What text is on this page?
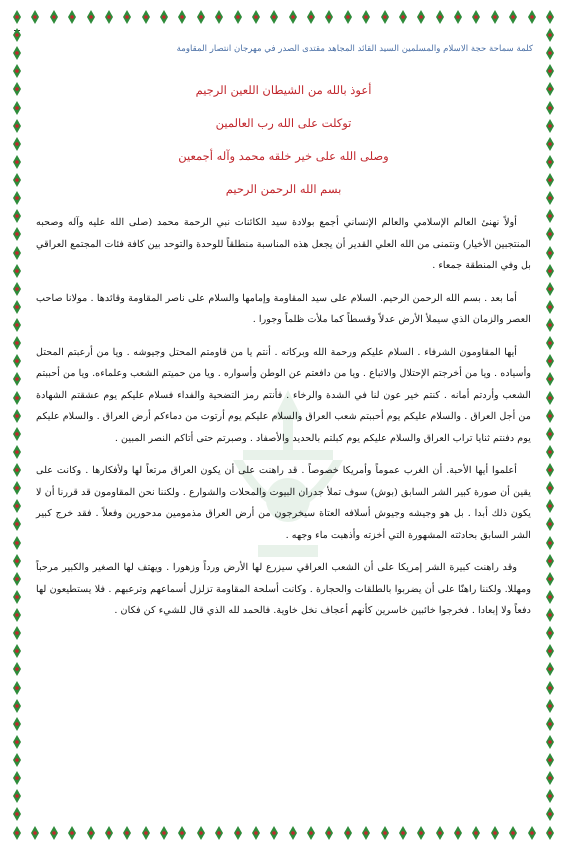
كلمة سماحة حجة الاسلام والمسلمين السيد القائد المجاهد مقتدى الصدر في مهرجان انتصار المقاومة
أعوذ بالله من الشيطان اللعين الرجيم
توكلت على الله رب العالمين
وصلى الله على خير خلقه محمد وآله أجمعين
بسم الله الرحمن الرحيم

أولاً نهنئ العالم الإسلامي والعالم الإنساني أجمع بولادة سيد الكائنات نبي الرحمة محمد (صلى الله عليه وآله وصحبه المنتجبين الأخيار) ونتمنى من الله العلي القدير أن يجعل هذه المناسبة منطلقاً للوحدة والتوحد بين كافة فئات المجتمع العراقي بل وفي المنطقة جمعاء .

أما بعد . بسم الله الرحمن الرحيم. السلام على سيد المقاومة وإمامها والسلام على ناصر المقاومة وقائدها . مولانا صاحب العصر والزمان الذي سيملأ الأرض عدلاً وقسطاً كما ملأت ظلماً وجورا .

أيها المقاومون الشرفاء . السلام عليكم ورحمة الله وبركاته . أنتم يا من قاومتم المحتل وجيوشه . ويا من أرعبتم المحتل وأسياده . ويا من أخرجتم الإحتلال والاتباع . ويا من دافعتم عن الوطن وأسواره . ويا من حميتم الشعب وعلماءه. ويا من أحببتم الشعب وأردتم أمانه . كنتم خير عون لنا في الشدة والرخاء . فأنتم رمز التضحية والفداء فسلام عليكم يوم عشقتم الشهادة من أجل العراق . والسلام عليكم يوم أحببتم شعب العراق والسلام عليكم يوم أرتوت من دماءكم أرض العراق . والسلام عليكم يوم دفنتم ثنايا تراب العراق والسلام عليكم يوم كبلتم بالحديد والأصفاد . وصبرتم حتى أتاكم النصر المبين .

أعلموا أيها الأحبة. أن الغرب عموماً وأمريكا خصوصاً . قد راهنت على أن يكون العراق مرتعاً لها ولأفكارها . وكانت على يقين أن صورة كبير الشر السابق (بوش) سوف تملأ جدران البيوت والمحلات والشوارع . ولكننا نحن المقاومون قد قررنا أن لا يكون ذلك أبدا . بل هو وجيشه وجيوش أسلافه العتاة سيخرجون من أرض العراق مذمومين مدحورين وفعلاً . فقد خرج كبير الشر السابق بحادثته المشهورة التي أخزته وأذهبت ماء وجهه .

وقد راهنت كبيرة الشر إمريكا على أن الشعب العراقي سيزرع لها الأرض ورداً وزهورا . ويهتف لها الصغير والكبير مرحباً ومهللا. ولكننا راهنّا على أن يضربوا بالطلقات والحجارة . وكانت أسلحة المقاومة تزلزل أسماعهم وترعبهم . فلا يستطيعون لها دفعاً ولا إبعادا . فخرجوا خائبين خاسرين كأنهم أعجاف نخل خاوية. فالحمد لله الذي قال للشيء كن فكان .
